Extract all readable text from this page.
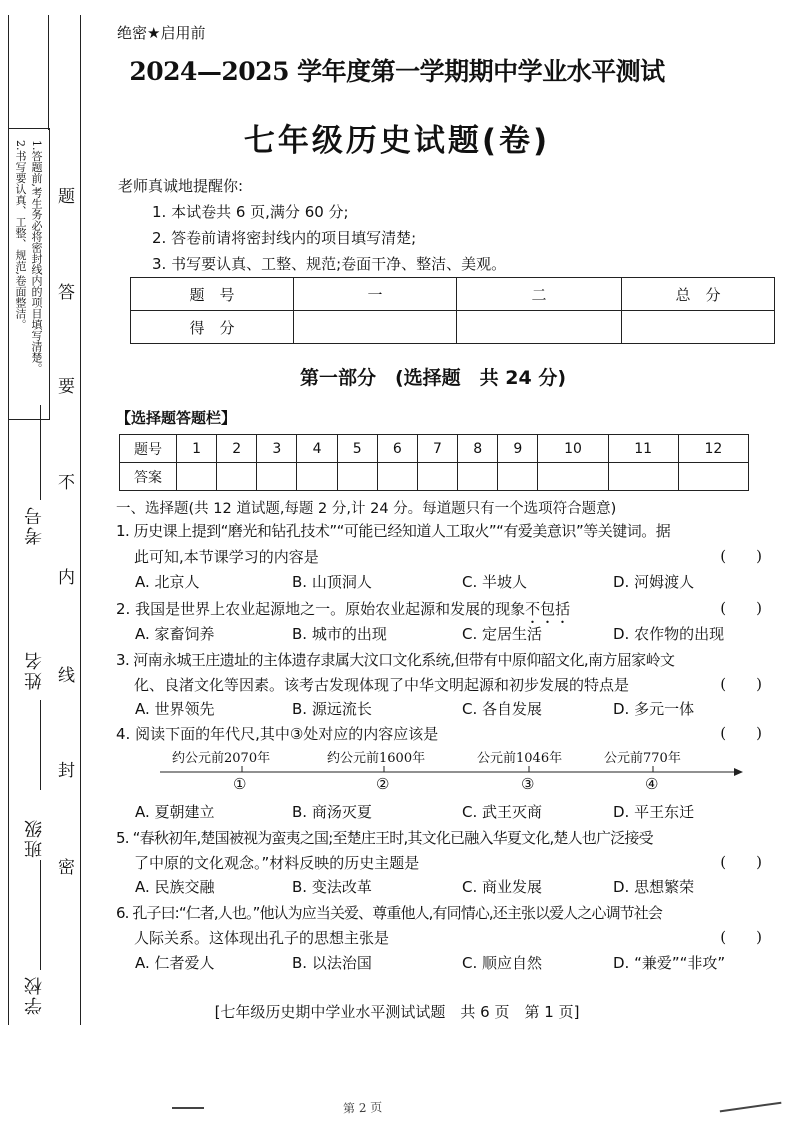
1.答题前,考生务必将密封线内的项目填写清楚。
2.书写要认真、工整、规范,卷面整洁。 题
答
要
不
内
线
封
密
考号
姓名
班级
学校
绝密★启用前
2024—2025 学年度第一学期期中学业水平测试
七年级历史试题(卷)
老师真诚地提醒你:
1. 本试卷共 6 页,满分 60 分;
2. 答卷前请将密封线内的项目填写清楚;
3. 书写要认真、工整、规范;卷面干净、整洁、美观。
题　号	一	二	总　分
得　分			
第一部分　(选择题　共 24 分)
【选择题答题栏】
题号	1	2	3	4	5	6	7	8	9	10	11	12
答案												
一、选择题(共 12 道试题,每题 2 分,计 24 分。每道题只有一个选项符合题意)
1. 历史课上提到“磨光和钻孔技术”“可能已经知道人工取火”“有爱美意识”等关键词。据
此可知,本节课学习的内容是	(　　)
A. 北京人	B. 山顶洞人	C. 半坡人	D. 河姆渡人
2. 我国是世界上农业起源地之一。原始农业起源和发展的现象不包括	(　　)
A. 家畜饲养	B. 城市的出现	C. 定居生活	D. 农作物的出现
3. 河南永城王庄遗址的主体遗存隶属大汶口文化系统,但带有中原仰韶文化,南方屈家岭文
化、良渚文化等因素。该考古发现体现了中华文明起源和初步发展的特点是	(　　)
A. 世界领先	B. 源远流长	C. 各自发展	D. 多元一体
4. 阅读下面的年代尺,其中③处对应的内容应该是	(　　)
约公元前2070年	约公元前1600年	公元前1046年	公元前770年
①	②	③	④
A. 夏朝建立	B. 商汤灭夏	C. 武王灭商	D. 平王东迁
5. “春秋初年,楚国被视为蛮夷之国;至楚庄王时,其文化已融入华夏文化,楚人也广泛接受
了中原的文化观念。”材料反映的历史主题是	(　　)
A. 民族交融	B. 变法改革	C. 商业发展	D. 思想繁荣
6. 孔子曰:“仁者,人也。”他认为应当关爱、尊重他人,有同情心,还主张以爱人之心调节社会
人际关系。这体现出孔子的思想主张是	(　　)
A. 仁者爱人	B. 以法治国	C. 顺应自然	D. “兼爱”“非攻”
[七年级历史期中学业水平测试试题　共 6 页　第 1 页]
第 2 页
